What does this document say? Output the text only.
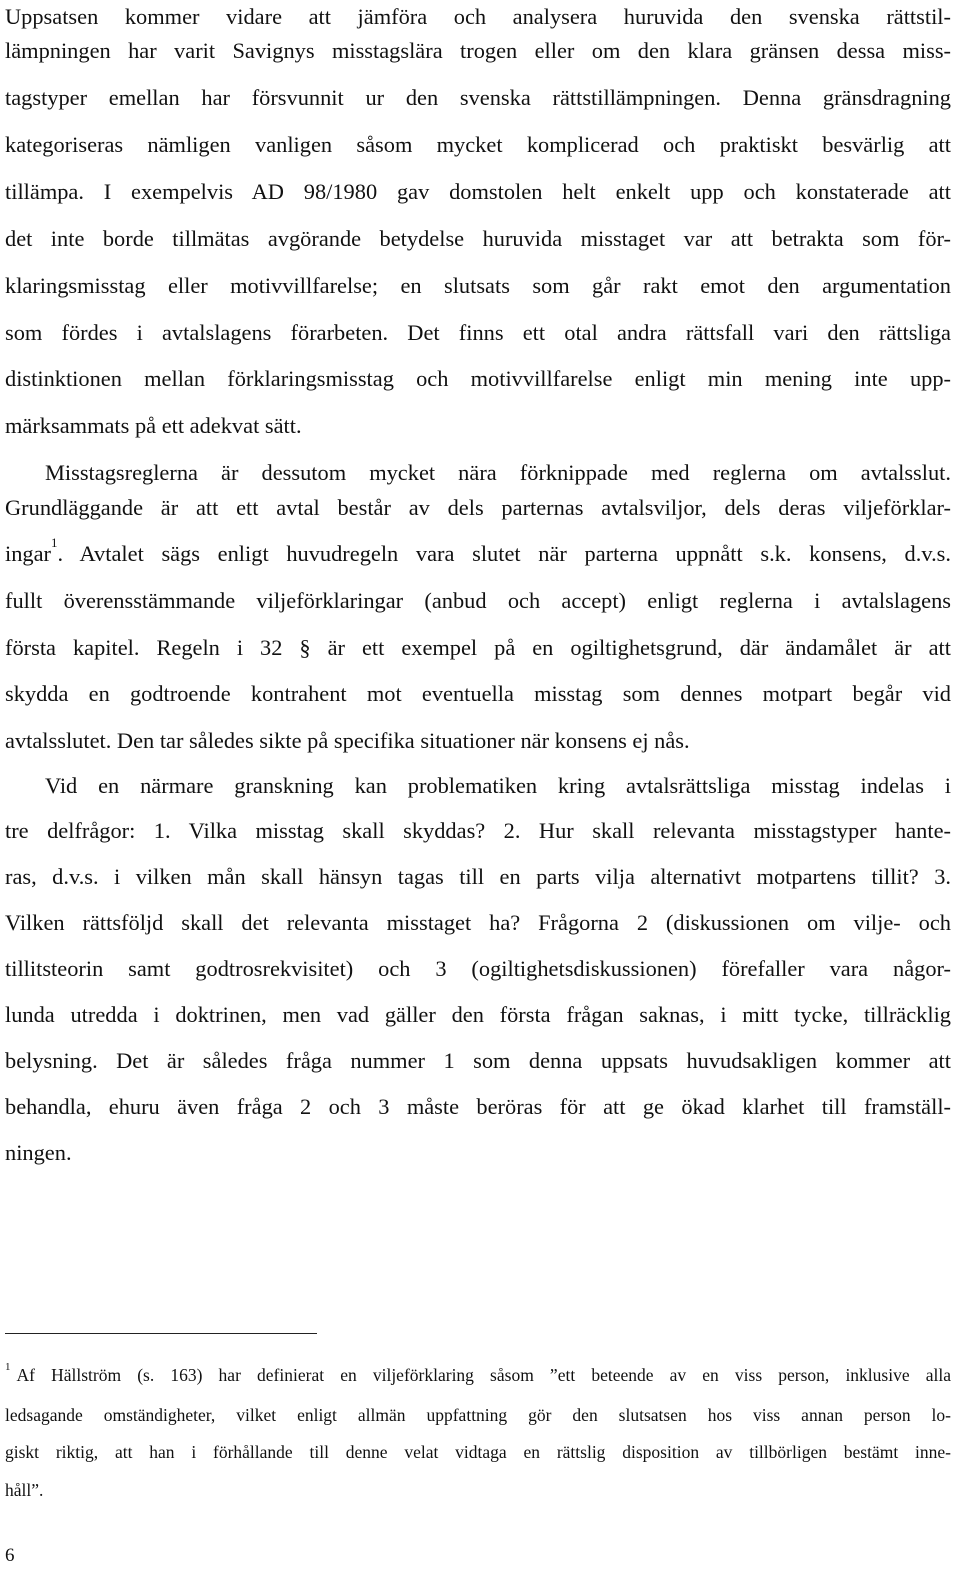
Uppsatsen kommer vidare att jämföra och analysera huruvida den svenska rättstil-
lämpningen har varit Savignys misstagslära trogen eller om den klara gränsen dessa miss-
tagstyper emellan har försvunnit ur den svenska rättstillämpningen. Denna gränsdragning
kategoriseras nämligen vanligen såsom mycket komplicerad och praktiskt besvärlig att
tillämpa. I exempelvis AD 98/1980 gav domstolen helt enkelt upp och konstaterade att
det inte borde tillmätas avgörande betydelse huruvida misstaget var att betrakta som för-
klaringsmisstag eller motivvillfarelse; en slutsats som går rakt emot den argumentation
som fördes i avtalslagens förarbeten. Det finns ett otal andra rättsfall vari den rättsliga
distinktionen mellan förklaringsmisstag och motivvillfarelse enligt min mening inte upp-
märksammats på ett adekvat sätt.
Misstagsreglerna är dessutom mycket nära förknippade med reglerna om avtalsslut.
Grundläggande är att ett avtal består av dels parternas avtalsviljor, dels deras viljeförklar-
ingar 1 . Avtalet sägs enligt huvudregeln vara slutet när parterna uppnått s.k. konsens, d.v.s.
fullt överensstämmande viljeförklaringar (anbud och accept) enligt reglerna i avtalslagens
första kapitel. Regeln i 32 § är ett exempel på en ogiltighetsgrund, där ändamålet är att
skydda en godtroende kontrahent mot eventuella misstag som dennes motpart begår vid
avtalsslutet. Den tar således sikte på specifika situationer när konsens ej nås.
Vid en närmare granskning kan problematiken kring avtalsrättsliga misstag indelas i
tre delfrågor: 1. Vilka misstag skall skyddas? 2. Hur skall relevanta misstagstyper hante-
ras, d.v.s. i vilken mån skall hänsyn tagas till en parts vilja alternativt motpartens tillit? 3.
Vilken rättsföljd skall det relevanta misstaget ha? Frågorna 2 (diskussionen om vilje- och
tillitsteorin samt godtrosrekvisitet) och 3 (ogiltighetsdiskussionen) förefaller vara någor-
lunda utredda i doktrinen, men vad gäller den första frågan saknas, i mitt tycke, tillräcklig
belysning. Det är således fråga nummer 1 som denna uppsats huvudsakligen kommer att
behandla, ehuru även fråga 2 och 3 måste beröras för att ge ökad klarhet till framställ-
ningen.
1 Af Hällström (s. 163) har definierat en viljeförklaring såsom ”ett beteende av en viss person, inklusive alla
ledsagande omständigheter, vilket enligt allmän uppfattning gör den slutsatsen hos viss annan person lo-
giskt riktig, att han i förhållande till denne velat vidtaga en rättslig disposition av tillbörligen bestämt inne-
håll”.
6
